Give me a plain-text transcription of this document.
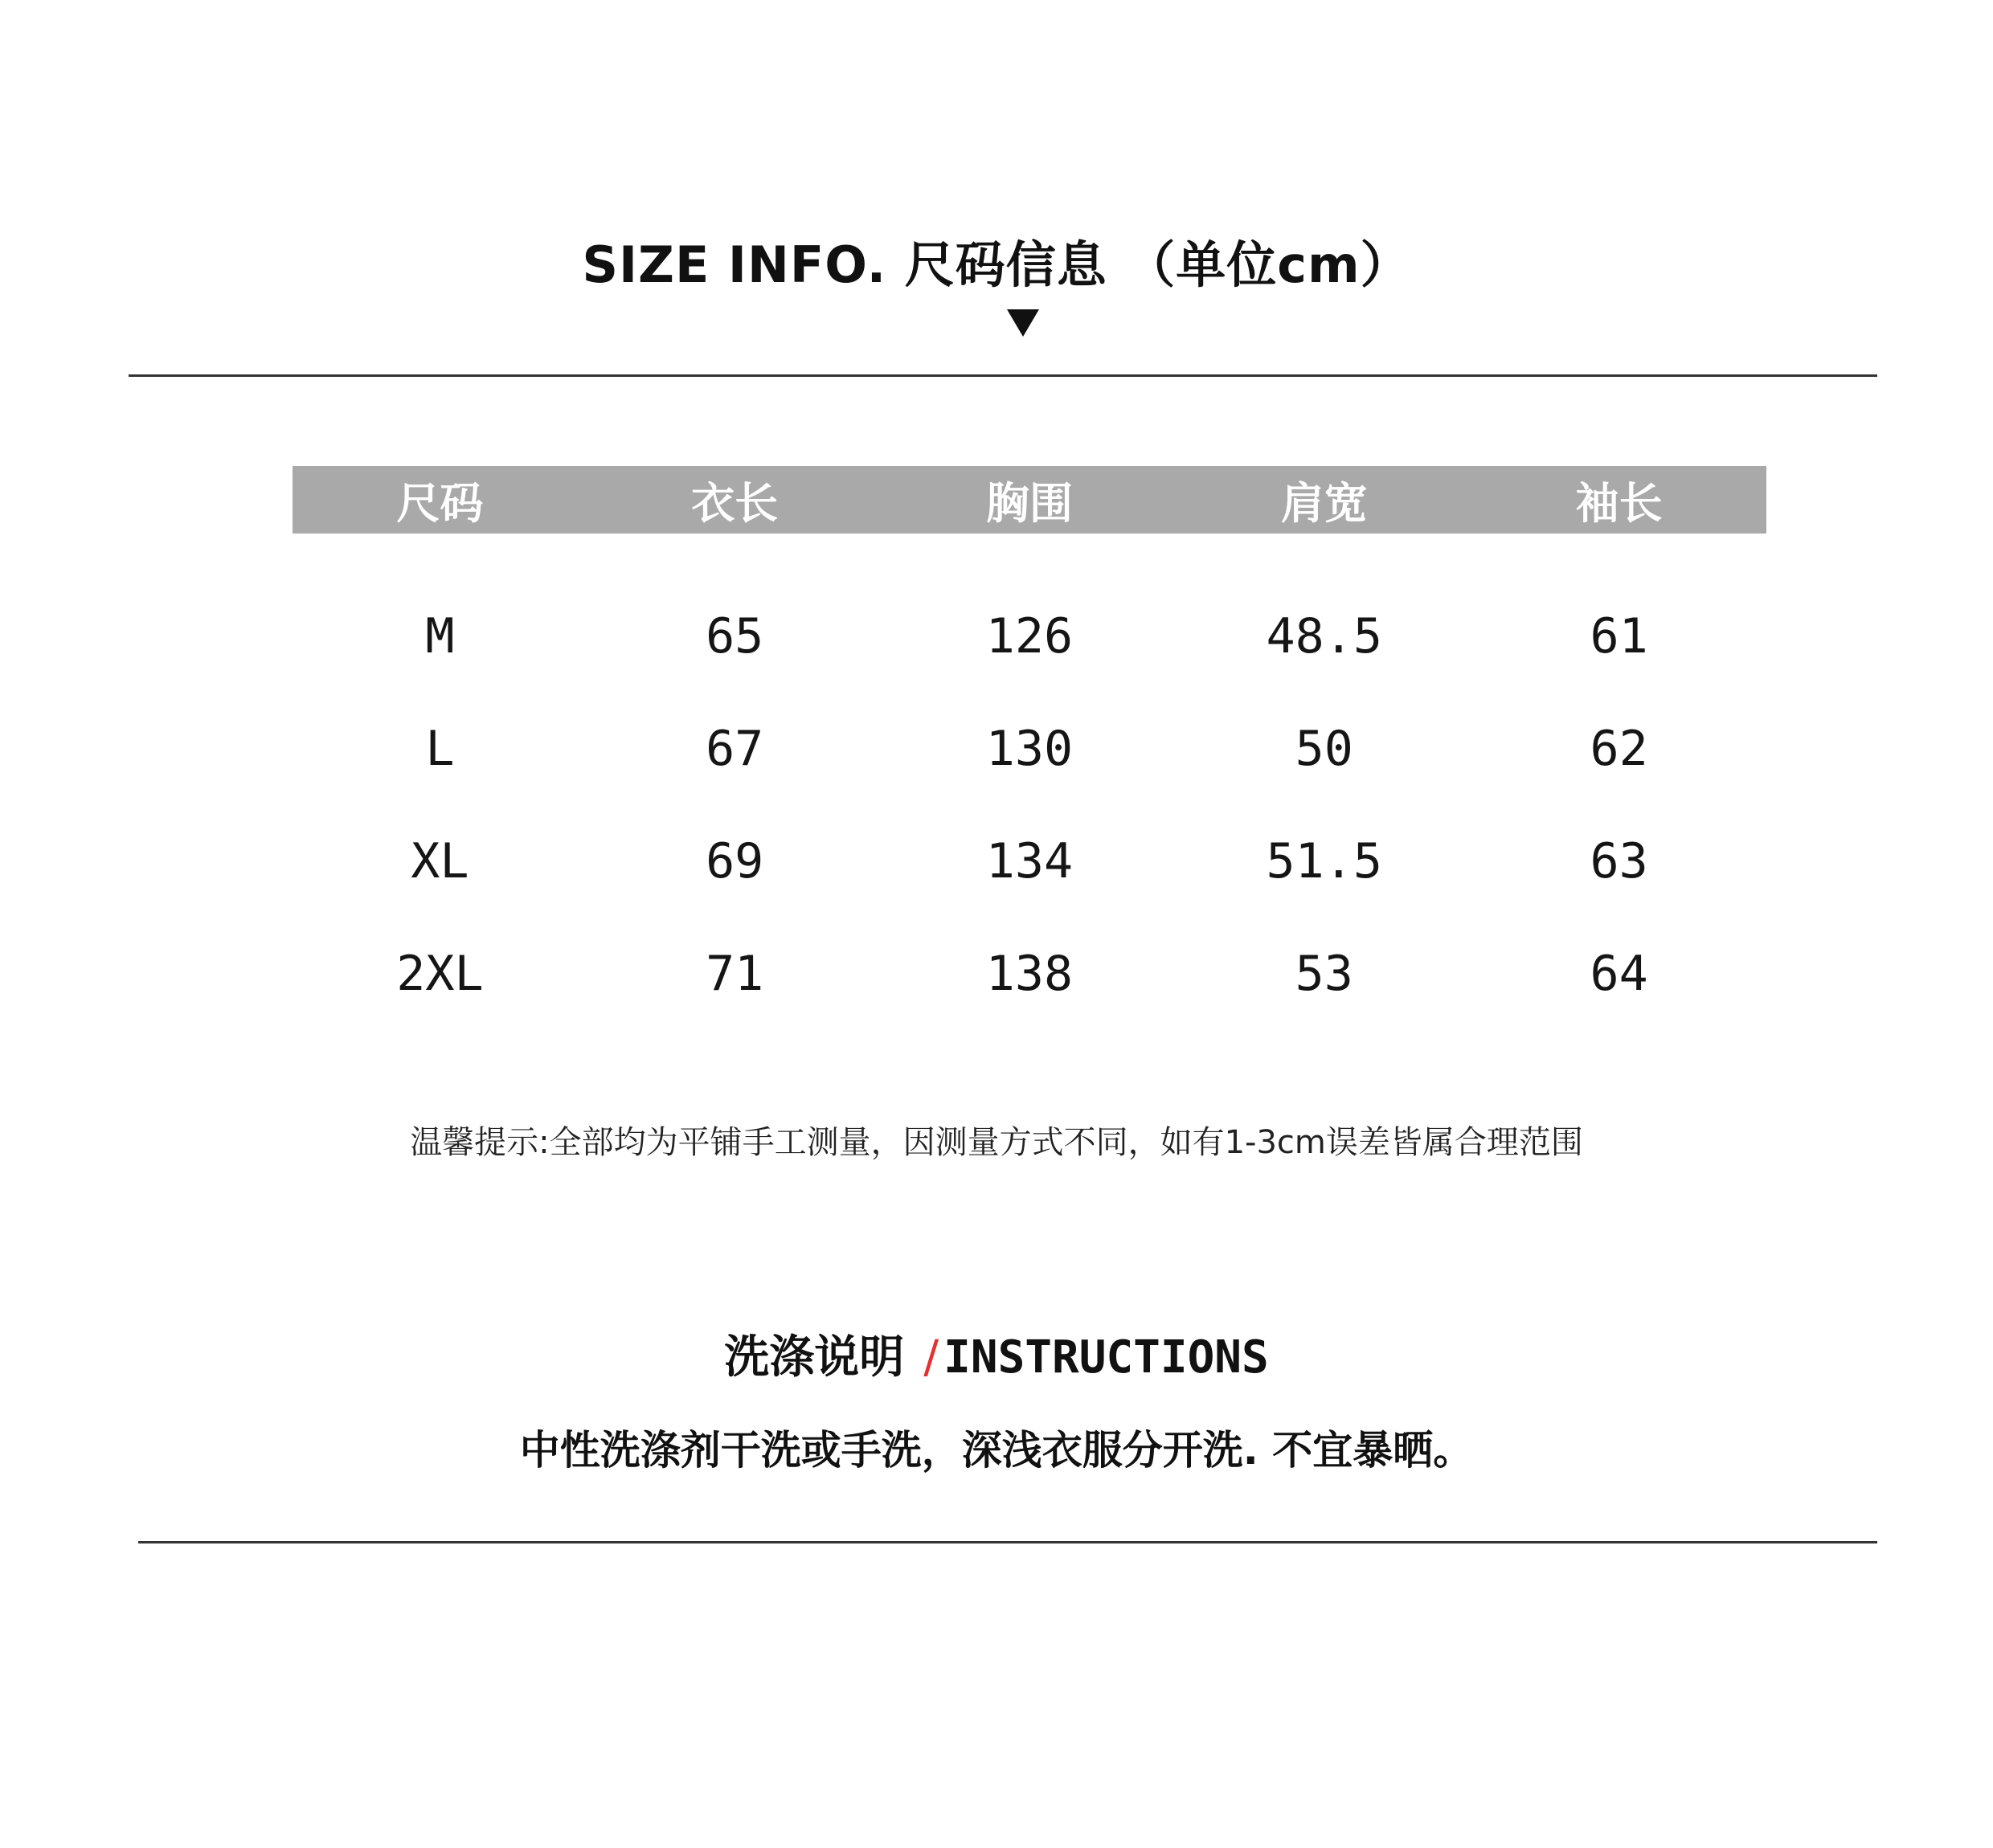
SIZE INFO. 尺码信息 （单位cm）
尺码	衣长	胸围	肩宽	袖长
M	65	126	48.5	61
L	67	130	50	62
XL	69	134	51.5	63
2XL	71	138	53	64
温馨提示:全部均为平铺手工测量，因测量方式不同，如有1-3cm误差皆属合理范围
洗涤说明 / INSTRUCTIONS
中性洗涤剂干洗或手洗，深浅衣服分开洗. 不宜暴晒。
